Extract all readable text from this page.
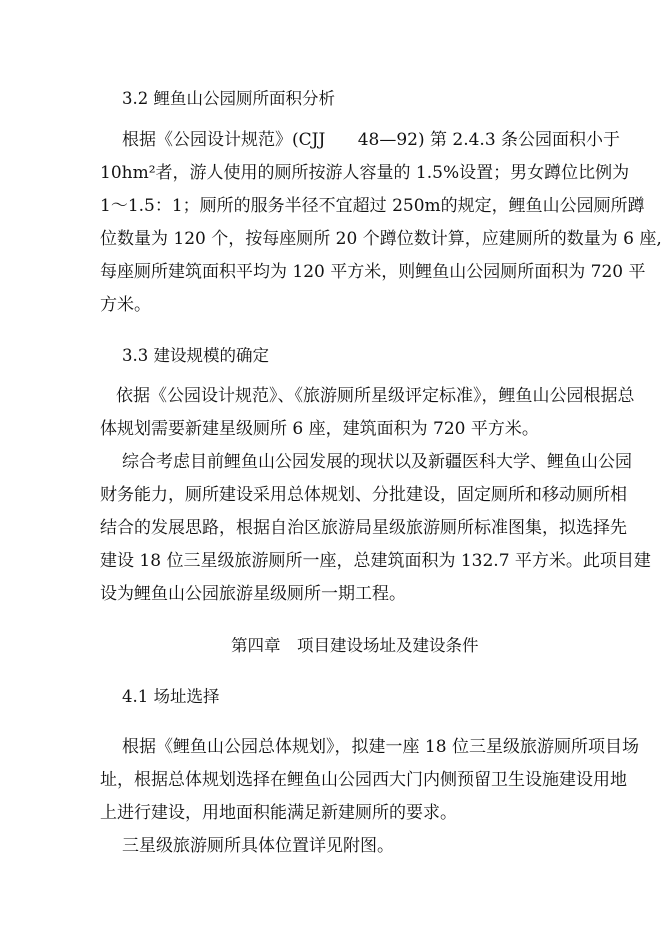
3.2 鲤鱼山公园厕所面积分析
根据《公园设计规范》(CJJ      48—92) 第 2.4.3 条公园面积小于
10hm²者，游人使用的厕所按游人容量的 1.5%设置；男女蹲位比例为
1～1.5：1；厕所的服务半径不宜超过 250m的规定，鲤鱼山公园厕所蹲
位数量为 120 个，按每座厕所 20 个蹲位数计算，应建厕所的数量为 6 座,
每座厕所建筑面积平均为 120 平方米，则鲤鱼山公园厕所面积为 720 平
方米。
3.3 建设规模的确定
依据《公园设计规范》、《旅游厕所星级评定标准》，鲤鱼山公园根据总
体规划需要新建星级厕所 6 座，建筑面积为 720 平方米。
综合考虑目前鲤鱼山公园发展的现状以及新疆医科大学、鲤鱼山公园
财务能力，厕所建设采用总体规划、分批建设，固定厕所和移动厕所相
结合的发展思路，根据自治区旅游局星级旅游厕所标准图集，拟选择先
建设 18 位三星级旅游厕所一座，总建筑面积为 132.7 平方米。此项目建
设为鲤鱼山公园旅游星级厕所一期工程。
第四章　项目建设场址及建设条件
4.1 场址选择
根据《鲤鱼山公园总体规划》，拟建一座 18 位三星级旅游厕所项目场
址，根据总体规划选择在鲤鱼山公园西大门内侧预留卫生设施建设用地
上进行建设，用地面积能满足新建厕所的要求。
三星级旅游厕所具体位置详见附图。
